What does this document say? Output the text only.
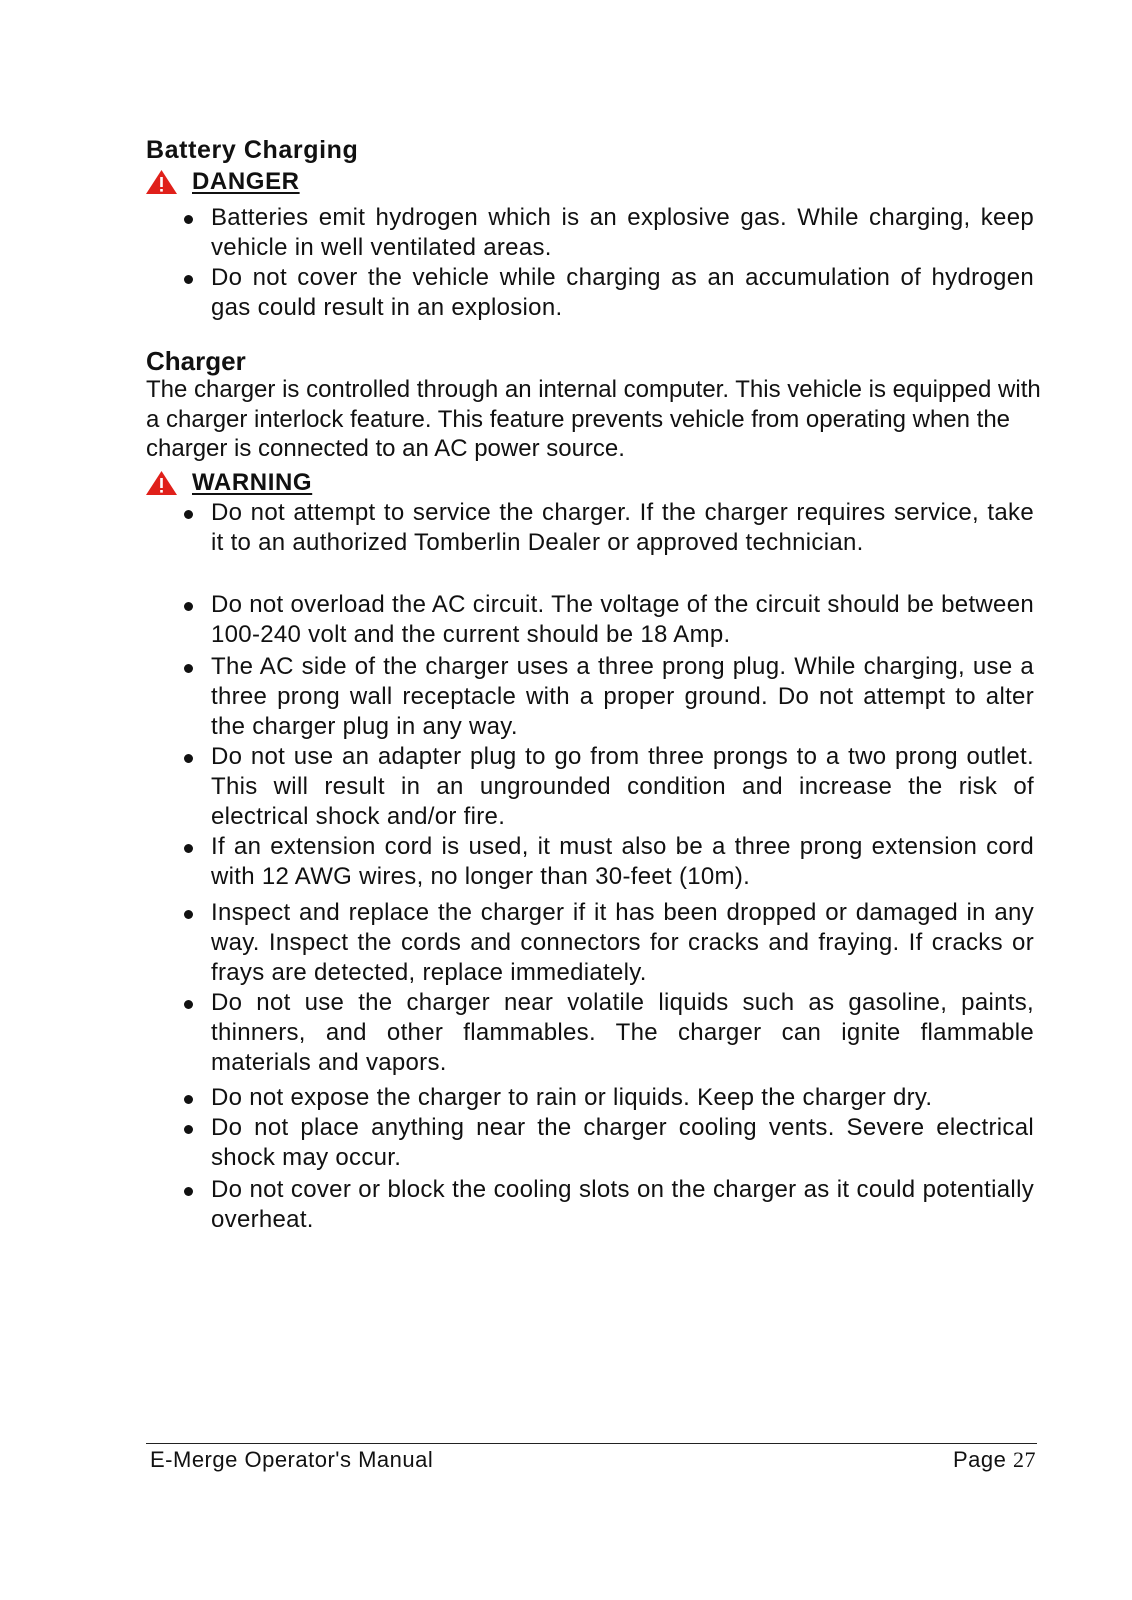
Battery Charging
DANGER
Batteries emit hydrogen which is an explosive gas. While charging, keep vehicle in well ventilated areas.
Do not cover the vehicle while charging as an accumulation of hydrogen gas could result in an explosion.
Charger

The charger is controlled through an internal computer. This vehicle is equipped with a charger interlock feature. This feature prevents vehicle from operating when the charger is connected to an AC power source.

WARNING
Do not attempt to service the charger. If the charger requires service, take it to an authorized Tomberlin Dealer or approved technician.
Do not overload the AC circuit. The voltage of the circuit should be between 100-240 volt and the current should be 18 Amp.
The AC side of the charger uses a three prong plug. While charging, use a three prong wall receptacle with a proper ground. Do not attempt to alter the charger plug in any way.
Do not use an adapter plug to go from three prongs to a two prong outlet. This will result in an ungrounded condition and increase the risk of electrical shock and/or fire.
If an extension cord is used, it must also be a three prong extension cord with 12 AWG wires, no longer than 30-feet (10m).
Inspect and replace the charger if it has been dropped or damaged in any way. Inspect the cords and connectors for cracks and fraying. If cracks or frays are detected, replace immediately.
Do not use the charger near volatile liquids such as gasoline, paints, thinners, and other flammables. The charger can ignite flammable materials and vapors.
Do not expose the charger to rain or liquids. Keep the charger dry.
Do not place anything near the charger cooling vents. Severe electrical shock may occur.
Do not cover or block the cooling slots on the charger as it could potentially overheat.
E-Merge Operator's Manual	Page 27
